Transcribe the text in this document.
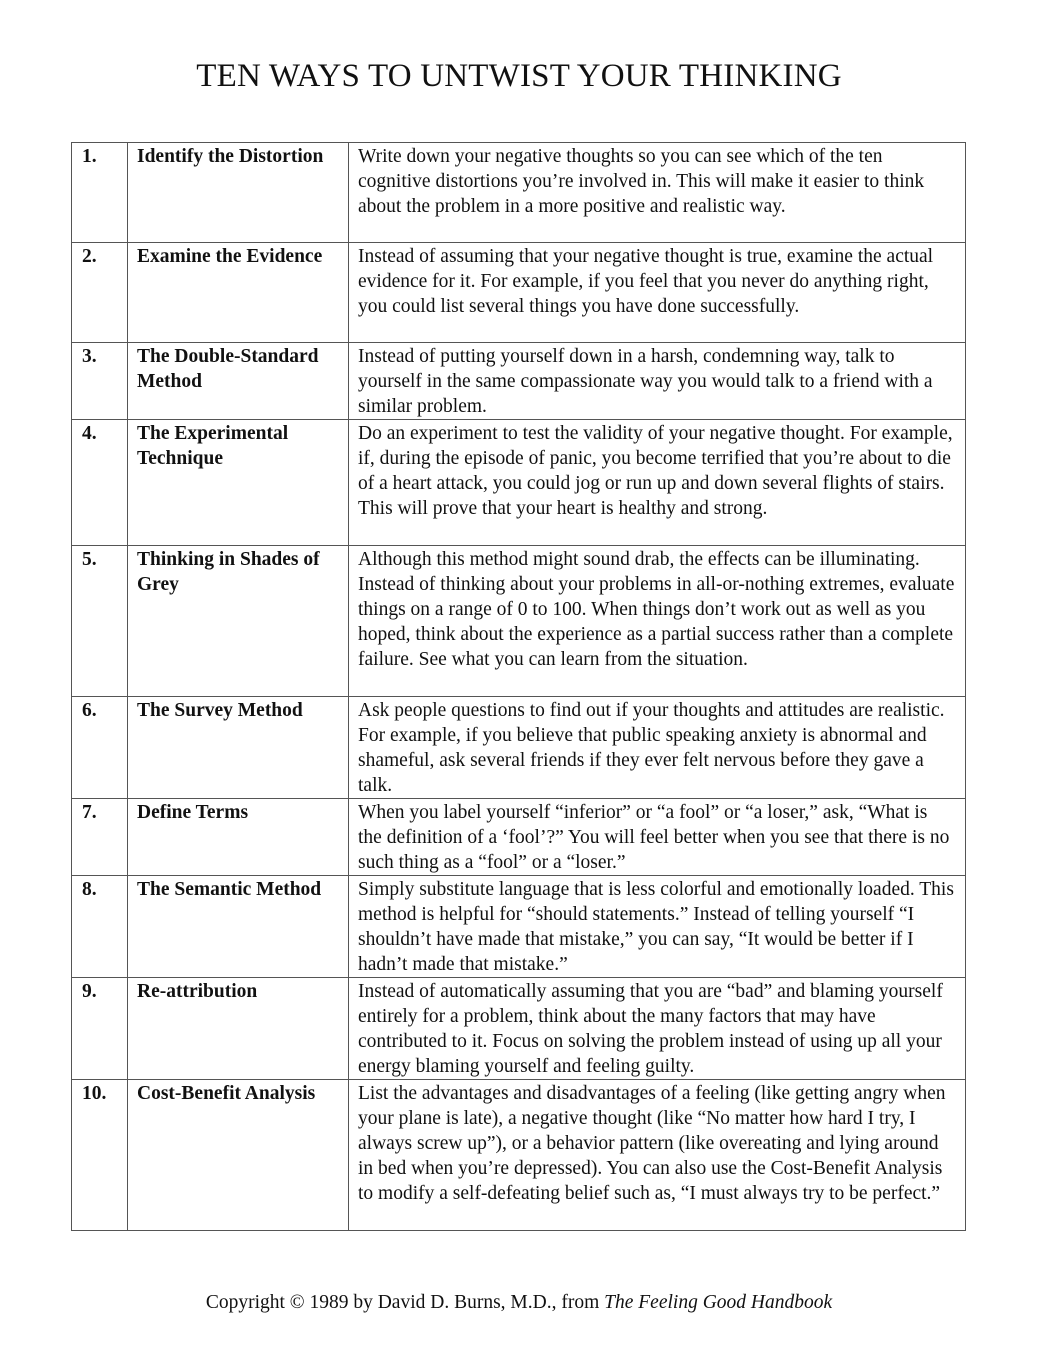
TEN WAYS TO UNTWIST YOUR THINKING
1.	Identify the Distortion	Write down your negative thoughts so you can see which of the ten cognitive distortions you’re involved in. This will make it easier to think about the problem in a more positive and realistic way.
2.	Examine the Evidence	Instead of assuming that your negative thought is true, examine the actual evidence for it. For example, if you feel that you never do anything right, you could list several things you have done successfully.
3.	The Double-Standard Method	Instead of putting yourself down in a harsh, condemning way, talk to yourself in the same compassionate way you would talk to a friend with a similar problem.
4.	The Experimental Technique	Do an experiment to test the validity of your negative thought. For example, if, during the episode of panic, you become terrified that you’re about to die of a heart attack, you could jog or run up and down several flights of stairs. This will prove that your heart is healthy and strong.
5.	Thinking in Shades of Grey	Although this method might sound drab, the effects can be illuminating. Instead of thinking about your problems in all-or-nothing extremes, evaluate things on a range of 0 to 100. When things don’t work out as well as you hoped, think about the experience as a partial success rather than a complete failure. See what you can learn from the situation.
6.	The Survey Method	Ask people questions to find out if your thoughts and attitudes are realistic. For example, if you believe that public speaking anxiety is abnormal and shameful, ask several friends if they ever felt nervous before they gave a talk.
7.	Define Terms	When you label yourself “inferior” or “a fool” or “a loser,” ask, “What is the definition of a ‘fool’?” You will feel better when you see that there is no such thing as a “fool” or a “loser.”
8.	The Semantic Method	Simply substitute language that is less colorful and emotionally loaded. This method is helpful for “should statements.” Instead of telling yourself “I shouldn’t have made that mistake,” you can say, “It would be better if I hadn’t made that mistake.”
9.	Re-attribution	Instead of automatically assuming that you are “bad” and blaming yourself entirely for a problem, think about the many factors that may have contributed to it. Focus on solving the problem instead of using up all your energy blaming yourself and feeling guilty.
10.	Cost-Benefit Analysis	List the advantages and disadvantages of a feeling (like getting angry when your plane is late), a negative thought (like “No matter how hard I try, I always screw up”), or a behavior pattern (like overeating and lying around in bed when you’re depressed). You can also use the Cost-Benefit Analysis to modify a self-defeating belief such as, “I must always try to be perfect.”
Copyright © 1989 by David D. Burns, M.D., from The Feeling Good Handbook
